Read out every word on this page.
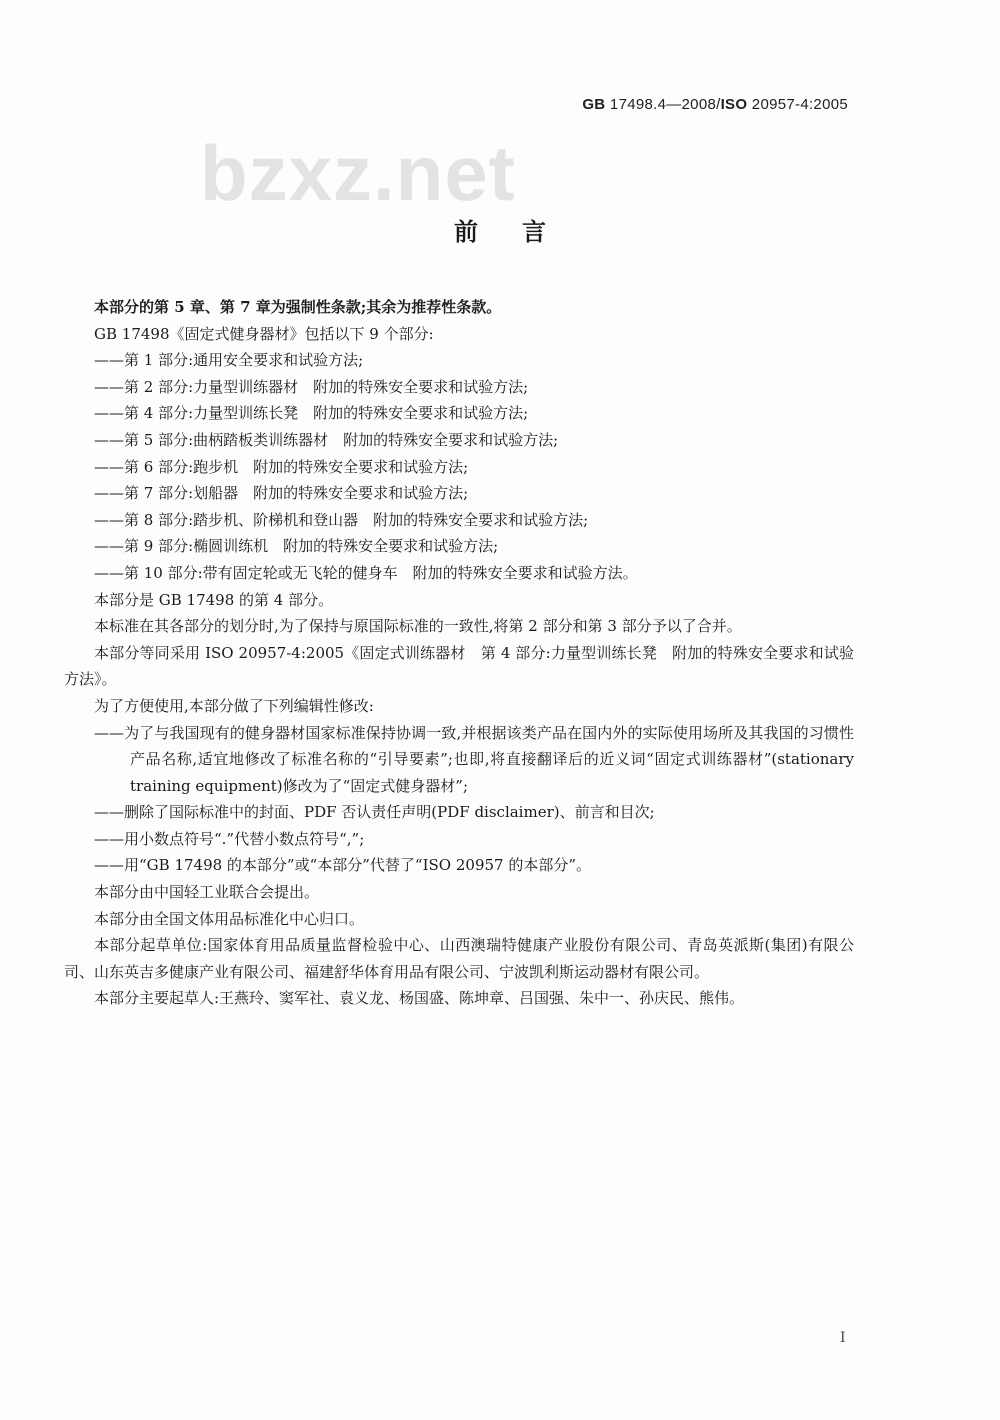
GB 17498.4—2008/ISO 20957-4:2005
bzxz.net
前言

本部分的第 5 章、第 7 章为强制性条款;其余为推荐性条款。

GB 17498《固定式健身器材》包括以下 9 个部分:

——第 1 部分:通用安全要求和试验方法;

——第 2 部分:力量型训练器材　附加的特殊安全要求和试验方法;

——第 4 部分:力量型训练长凳　附加的特殊安全要求和试验方法;

——第 5 部分:曲柄踏板类训练器材　附加的特殊安全要求和试验方法;

——第 6 部分:跑步机　附加的特殊安全要求和试验方法;

——第 7 部分:划船器　附加的特殊安全要求和试验方法;

——第 8 部分:踏步机、阶梯机和登山器　附加的特殊安全要求和试验方法;

——第 9 部分:椭圆训练机　附加的特殊安全要求和试验方法;

——第 10 部分:带有固定轮或无飞轮的健身车　附加的特殊安全要求和试验方法。

本部分是 GB 17498 的第 4 部分。

本标准在其各部分的划分时,为了保持与原国际标准的一致性,将第 2 部分和第 3 部分予以了合并。

本部分等同采用 ISO 20957-4:2005《固定式训练器材　第 4 部分:力量型训练长凳　附加的特殊安全要求和试验方法》。

为了方便使用,本部分做了下列编辑性修改:

——为了与我国现有的健身器材国家标准保持协调一致,并根据该类产品在国内外的实际使用场所及其我国的习惯性产品名称,适宜地修改了标准名称的“引导要素”;也即,将直接翻译后的近义词“固定式训练器材”(stationary training equipment)修改为了“固定式健身器材”;

——删除了国际标准中的封面、PDF 否认责任声明(PDF disclaimer)、前言和目次;

——用小数点符号“.”代替小数点符号“,”;

——用“GB 17498 的本部分”或“本部分”代替了“ISO 20957 的本部分”。

本部分由中国轻工业联合会提出。

本部分由全国文体用品标准化中心归口。

本部分起草单位:国家体育用品质量监督检验中心、山西澳瑞特健康产业股份有限公司、青岛英派斯(集团)有限公司、山东英吉多健康产业有限公司、福建舒华体育用品有限公司、宁波凯利斯运动器材有限公司。

本部分主要起草人:王燕玲、窦军社、袁义龙、杨国盛、陈坤章、吕国强、朱中一、孙庆民、熊伟。

I
